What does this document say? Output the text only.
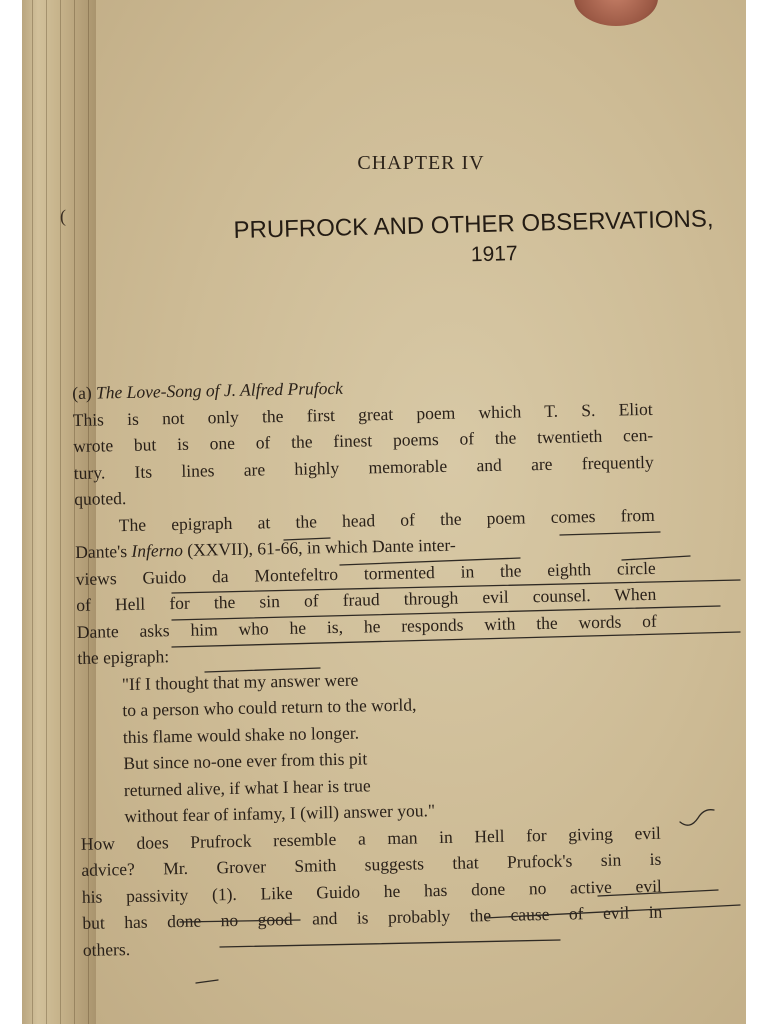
CHAPTER IV
PRUFROCK AND OTHER OBSERVATIONS,
1917
(a) The Love-Song of J. Alfred Prufock
This is not only the first great poem which T. S. Eliot
wrote but is one of the finest poems of the twentieth cen-
tury. Its lines are highly memorable and are frequently
quoted.
The epigraph at the head of the poem comes from
Dante's Inferno (XXVII), 61-66, in which Dante inter-
views Guido da Montefeltro tormented in the eighth circle
of Hell for the sin of fraud through evil counsel. When
Dante asks him who he is, he responds with the words of
the epigraph:
"If I thought that my answer were
to a person who could return to the world,
this flame would shake no longer.
But since no-one ever from this pit
returned alive, if what I hear is true
without fear of infamy, I (will) answer you."
How does Prufrock resemble a man in Hell for giving evil
advice? Mr. Grover Smith suggests that Prufock's sin is
his passivity (1). Like Guido he has done no active evil
but has done no good and is probably the cause of evil in
others.
(
